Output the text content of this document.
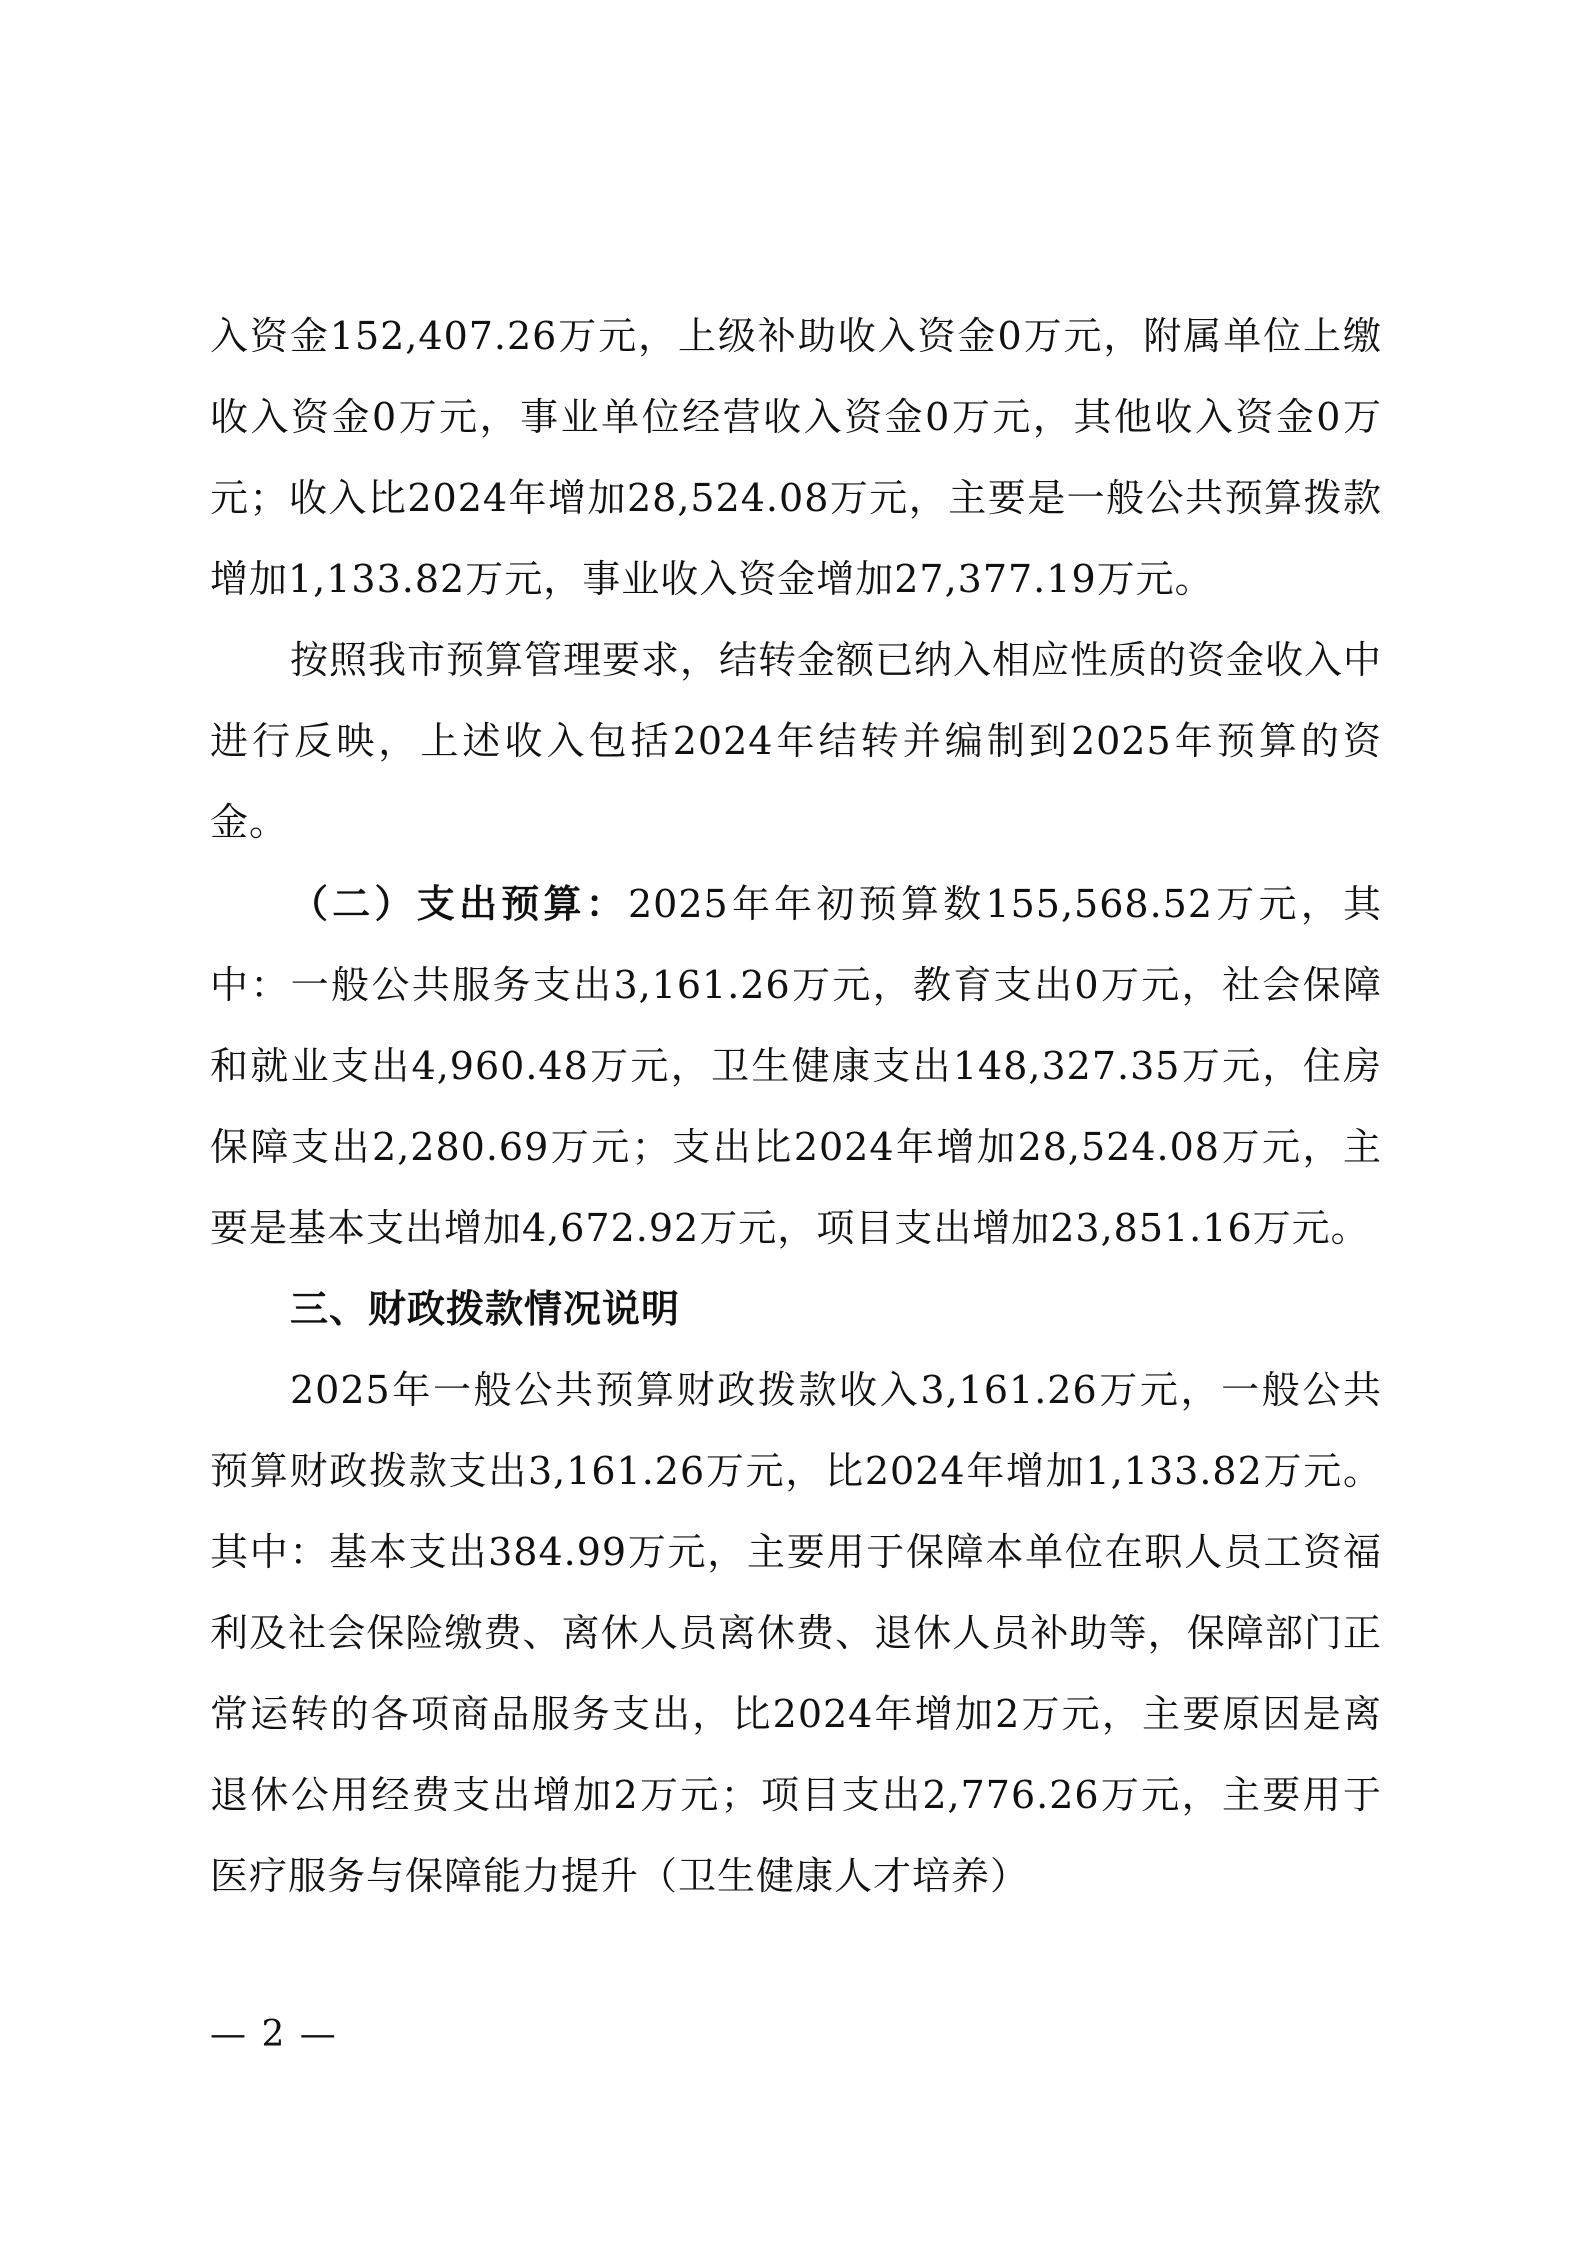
入资金152,407.26万元，上级补助收入资金0万元，附属单位上缴收入资金0万元，事业单位经营收入资金0万元，其他收入资金0万元；收入比2024年增加28,524.08万元，主要是一般公共预算拨款增加1,133.82万元，事业收入资金增加27,377.19万元。

按照我市预算管理要求，结转金额已纳入相应性质的资金收入中进行反映，上述收入包括2024年结转并编制到2025年预算的资金。

（二）支出预算：2025年年初预算数155,568.52万元，其中：一般公共服务支出3,161.26万元，教育支出0万元，社会保障和就业支出4,960.48万元，卫生健康支出148,327.35万元，住房保障支出2,280.69万元；支出比2024年增加28,524.08万元，主要是基本支出增加4,672.92万元，项目支出增加23,851.16万元。

三、财政拨款情况说明

2025年一般公共预算财政拨款收入3,161.26万元，一般公共预算财政拨款支出3,161.26万元，比2024年增加1,133.82万元。其中：基本支出384.99万元，主要用于保障本单位在职人员工资福利及社会保险缴费、离休人员离休费、退休人员补助等，保障部门正常运转的各项商品服务支出，比2024年增加2万元，主要原因是离退休公用经费支出增加2万元；项目支出2,776.26万元，主要用于医疗服务与保障能力提升（卫生健康人才培养）

— 2 —
